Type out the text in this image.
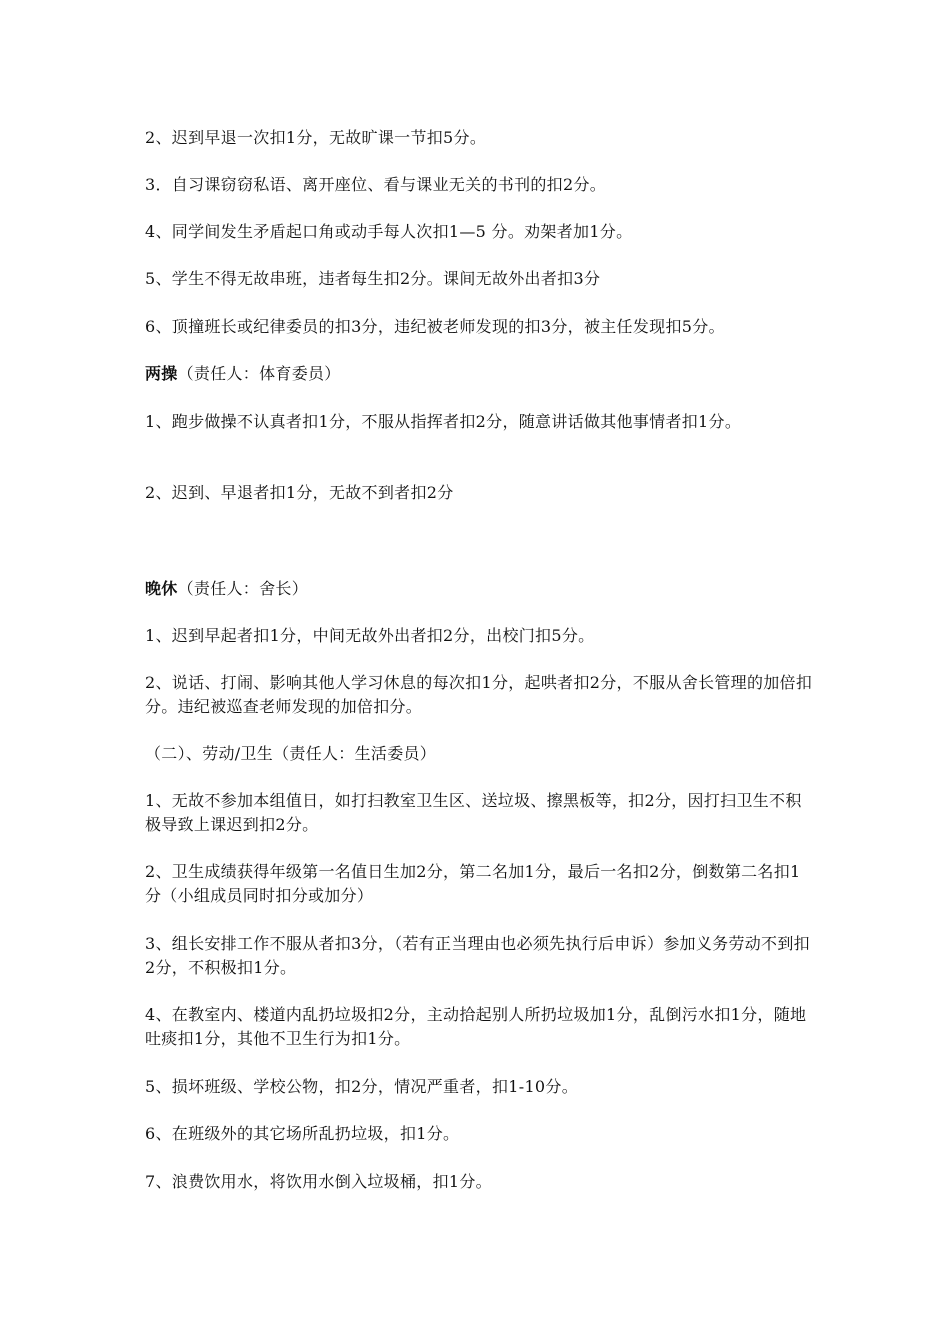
2、迟到早退一次扣1分，无故旷课一节扣5分。
3．自习课窃窃私语、离开座位、看与课业无关的书刊的扣2分。
4、同学间发生矛盾起口角或动手每人次扣1—5 分。劝架者加1分。
5、学生不得无故串班，违者每生扣2分。课间无故外出者扣3分
6、顶撞班长或纪律委员的扣3分，违纪被老师发现的扣3分，被主任发现扣5分。
两操（责任人：体育委员）
1、跑步做操不认真者扣1分，不服从指挥者扣2分，随意讲话做其他事情者扣1分。
2、迟到、早退者扣1分，无故不到者扣2分
晚休（责任人：舍长）
1、迟到早起者扣1分，中间无故外出者扣2分，出校门扣5分。
2、说话、打闹、影响其他人学习休息的每次扣1分，起哄者扣2分，不服从舍长管理的加倍扣分。违纪被巡查老师发现的加倍扣分。
（二）、劳动/卫生（责任人：生活委员）
1、无故不参加本组值日，如打扫教室卫生区、送垃圾、擦黑板等，扣2分，因打扫卫生不积极导致上课迟到扣2分。
2、卫生成绩获得年级第一名值日生加2分，第二名加1分，最后一名扣2分，倒数第二名扣1分（小组成员同时扣分或加分）
3、组长安排工作不服从者扣3分，（若有正当理由也必须先执行后申诉）参加义务劳动不到扣2分，不积极扣1分。
4、在教室内、楼道内乱扔垃圾扣2分，主动拾起别人所扔垃圾加1分，乱倒污水扣1分，随地吐痰扣1分，其他不卫生行为扣1分。
5、损坏班级、学校公物，扣2分，情况严重者，扣1-10分。
6、在班级外的其它场所乱扔垃圾，扣1分。
7、浪费饮用水，将饮用水倒入垃圾桶，扣1分。
